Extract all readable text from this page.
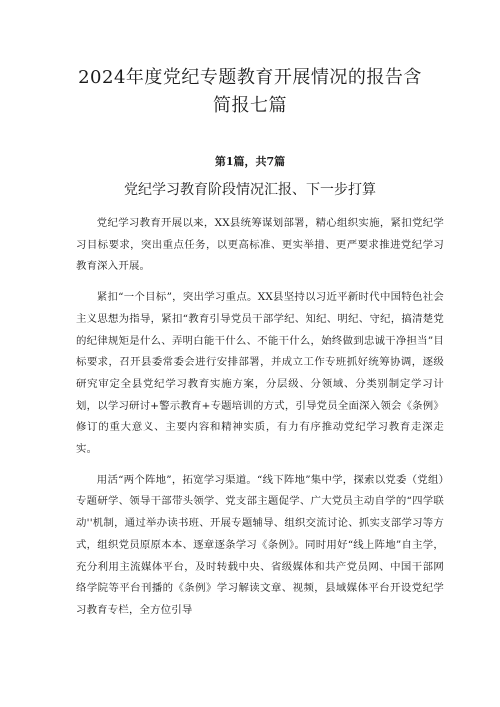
2024年度党纪专题教育开展情况的报告含
简报七篇
第1篇，共7篇
党纪学习教育阶段情况汇报、下一步打算

党纪学习教育开展以来，XX县统筹谋划部署，精心组织实施，紧扣党纪学习目标要求，突出重点任务，以更高标准、更实举措、更严要求推进党纪学习教育深入开展。

紧扣“一个目标”，突出学习重点。XX县坚持以习近平新时代中国特色社会主义思想为指导，紧扣“教育引导党员干部学纪、知纪、明纪、守纪，搞清楚党的纪律规矩是什么、弄明白能干什么、不能干什么，始终做到忠诚干净担当”目标要求，召开县委常委会进行安排部署，并成立工作专班抓好统筹协调，逐级研究审定全县党纪学习教育实施方案，分层级、分领域、分类别制定学习计划，以学习研讨+警示教育+专题培训的方式，引导党员全面深入领会《条例》修订的重大意义、主要内容和精神实质，有力有序推动党纪学习教育走深走实。

用活“两个阵地”，拓宽学习渠道。“线下阵地”集中学，探索以党委（党组）专题研学、领导干部带头领学、党支部主题促学、广大党员主动自学的“四学联动''机制，通过举办读书班、开展专题辅导、组织交流讨论、抓实支部学习等方式，组织党员原原本本、逐章逐条学习《条例》。同时用好“线上阵地”自主学，充分利用主流媒体平台，及时转载中央、省级媒体和共产党员网、中国干部网络学院等平台刊播的《条例》学习解读文章、视频，县域媒体平台开设党纪学习教育专栏，全方位引导
